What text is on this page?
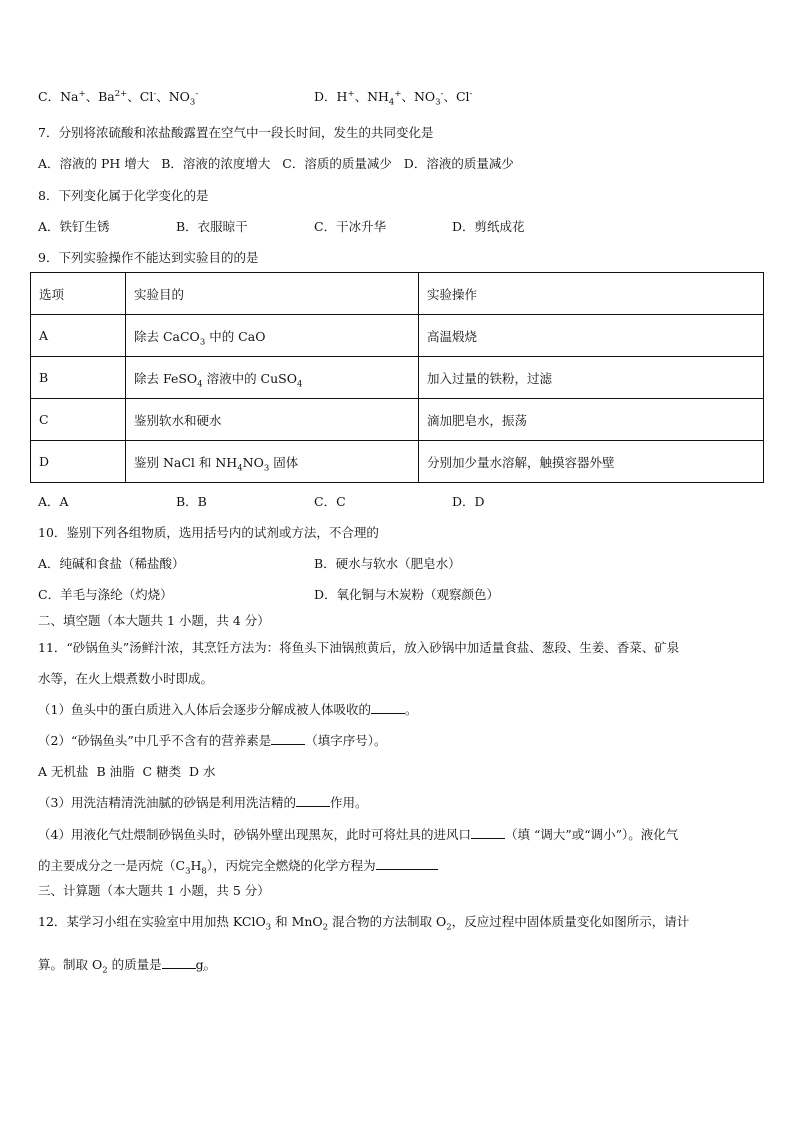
C．Na+、$Ba^{2+}$、Cl-、$NO_3^-$	D．H+、$NH_4^+$、$NO_3^-$、Cl-
7．分别将浓硫酸和浓盐酸露置在空气中一段长时间，发生的共同变化是
A．溶液的 PH 增大   B．溶液的浓度增大   C．溶质的质量减少   D．溶液的质量减少
8．下列变化属于化学变化的是
A．铁钉生锈	B．衣服晾干	C．干冰升华	D．剪纸成花
9．下列实验操作不能达到实验目的的是
选项	实验目的	实验操作
A	除去 CaCO$_3$ 中的 CaO	高温煅烧
B	除去 FeSO$_4$ 溶液中的 CuSO$_4$	加入过量的铁粉，过滤
C	鉴别软水和硬水	滴加肥皂水，振荡
D	鉴别 NaCl 和 $NH_4NO_3$ 固体	分别加少量水溶解，触摸容器外壁
A．A	B．B	C．C	D．D
10．鉴别下列各组物质，选用括号内的试剂或方法，不合理的
A．纯碱和食盐（稀盐酸）	B．硬水与软水（肥皂水）
C．羊毛与涤纶（灼烧）	D．氧化铜与木炭粉（观察颜色）
二、填空题（本大题共 1 小题，共 4 分）
11．“砂锅鱼头”汤鲜汁浓，其烹饪方法为：将鱼头下油锅煎黄后，放入砂锅中加适量食盐、葱段、生姜、香菜、矿泉
水等，在火上煨煮数小时即成。
（1）鱼头中的蛋白质进入人体后会逐步分解成被人体吸收的	。
（2）“砂锅鱼头”中几乎不含有的营养素是	（填字序号）。
A 无机盐  B 油脂  C 糖类  D 水
（3）用洗洁精清洗油腻的砂锅是利用洗洁精的	作用。
（4）用液化气灶煨制砂锅鱼头时，砂锅外壁出现黑灰，此时可将灶具的进风口	（填 “调大”或“调小”）。液化气
的主要成分之一是丙烷$(C_3H_8)$，丙烷完全燃烧的化学方程为
三、计算题（本大题共 1 小题，共 5 分）
12．某学习小组在实验室中用加热 KClO$_3$ 和 MnO$_2$ 混合物的方法制取 $O_2$，反应过程中固体质量变化如图所示，请计
算。制取 $O_2$ 的质量是	g。
